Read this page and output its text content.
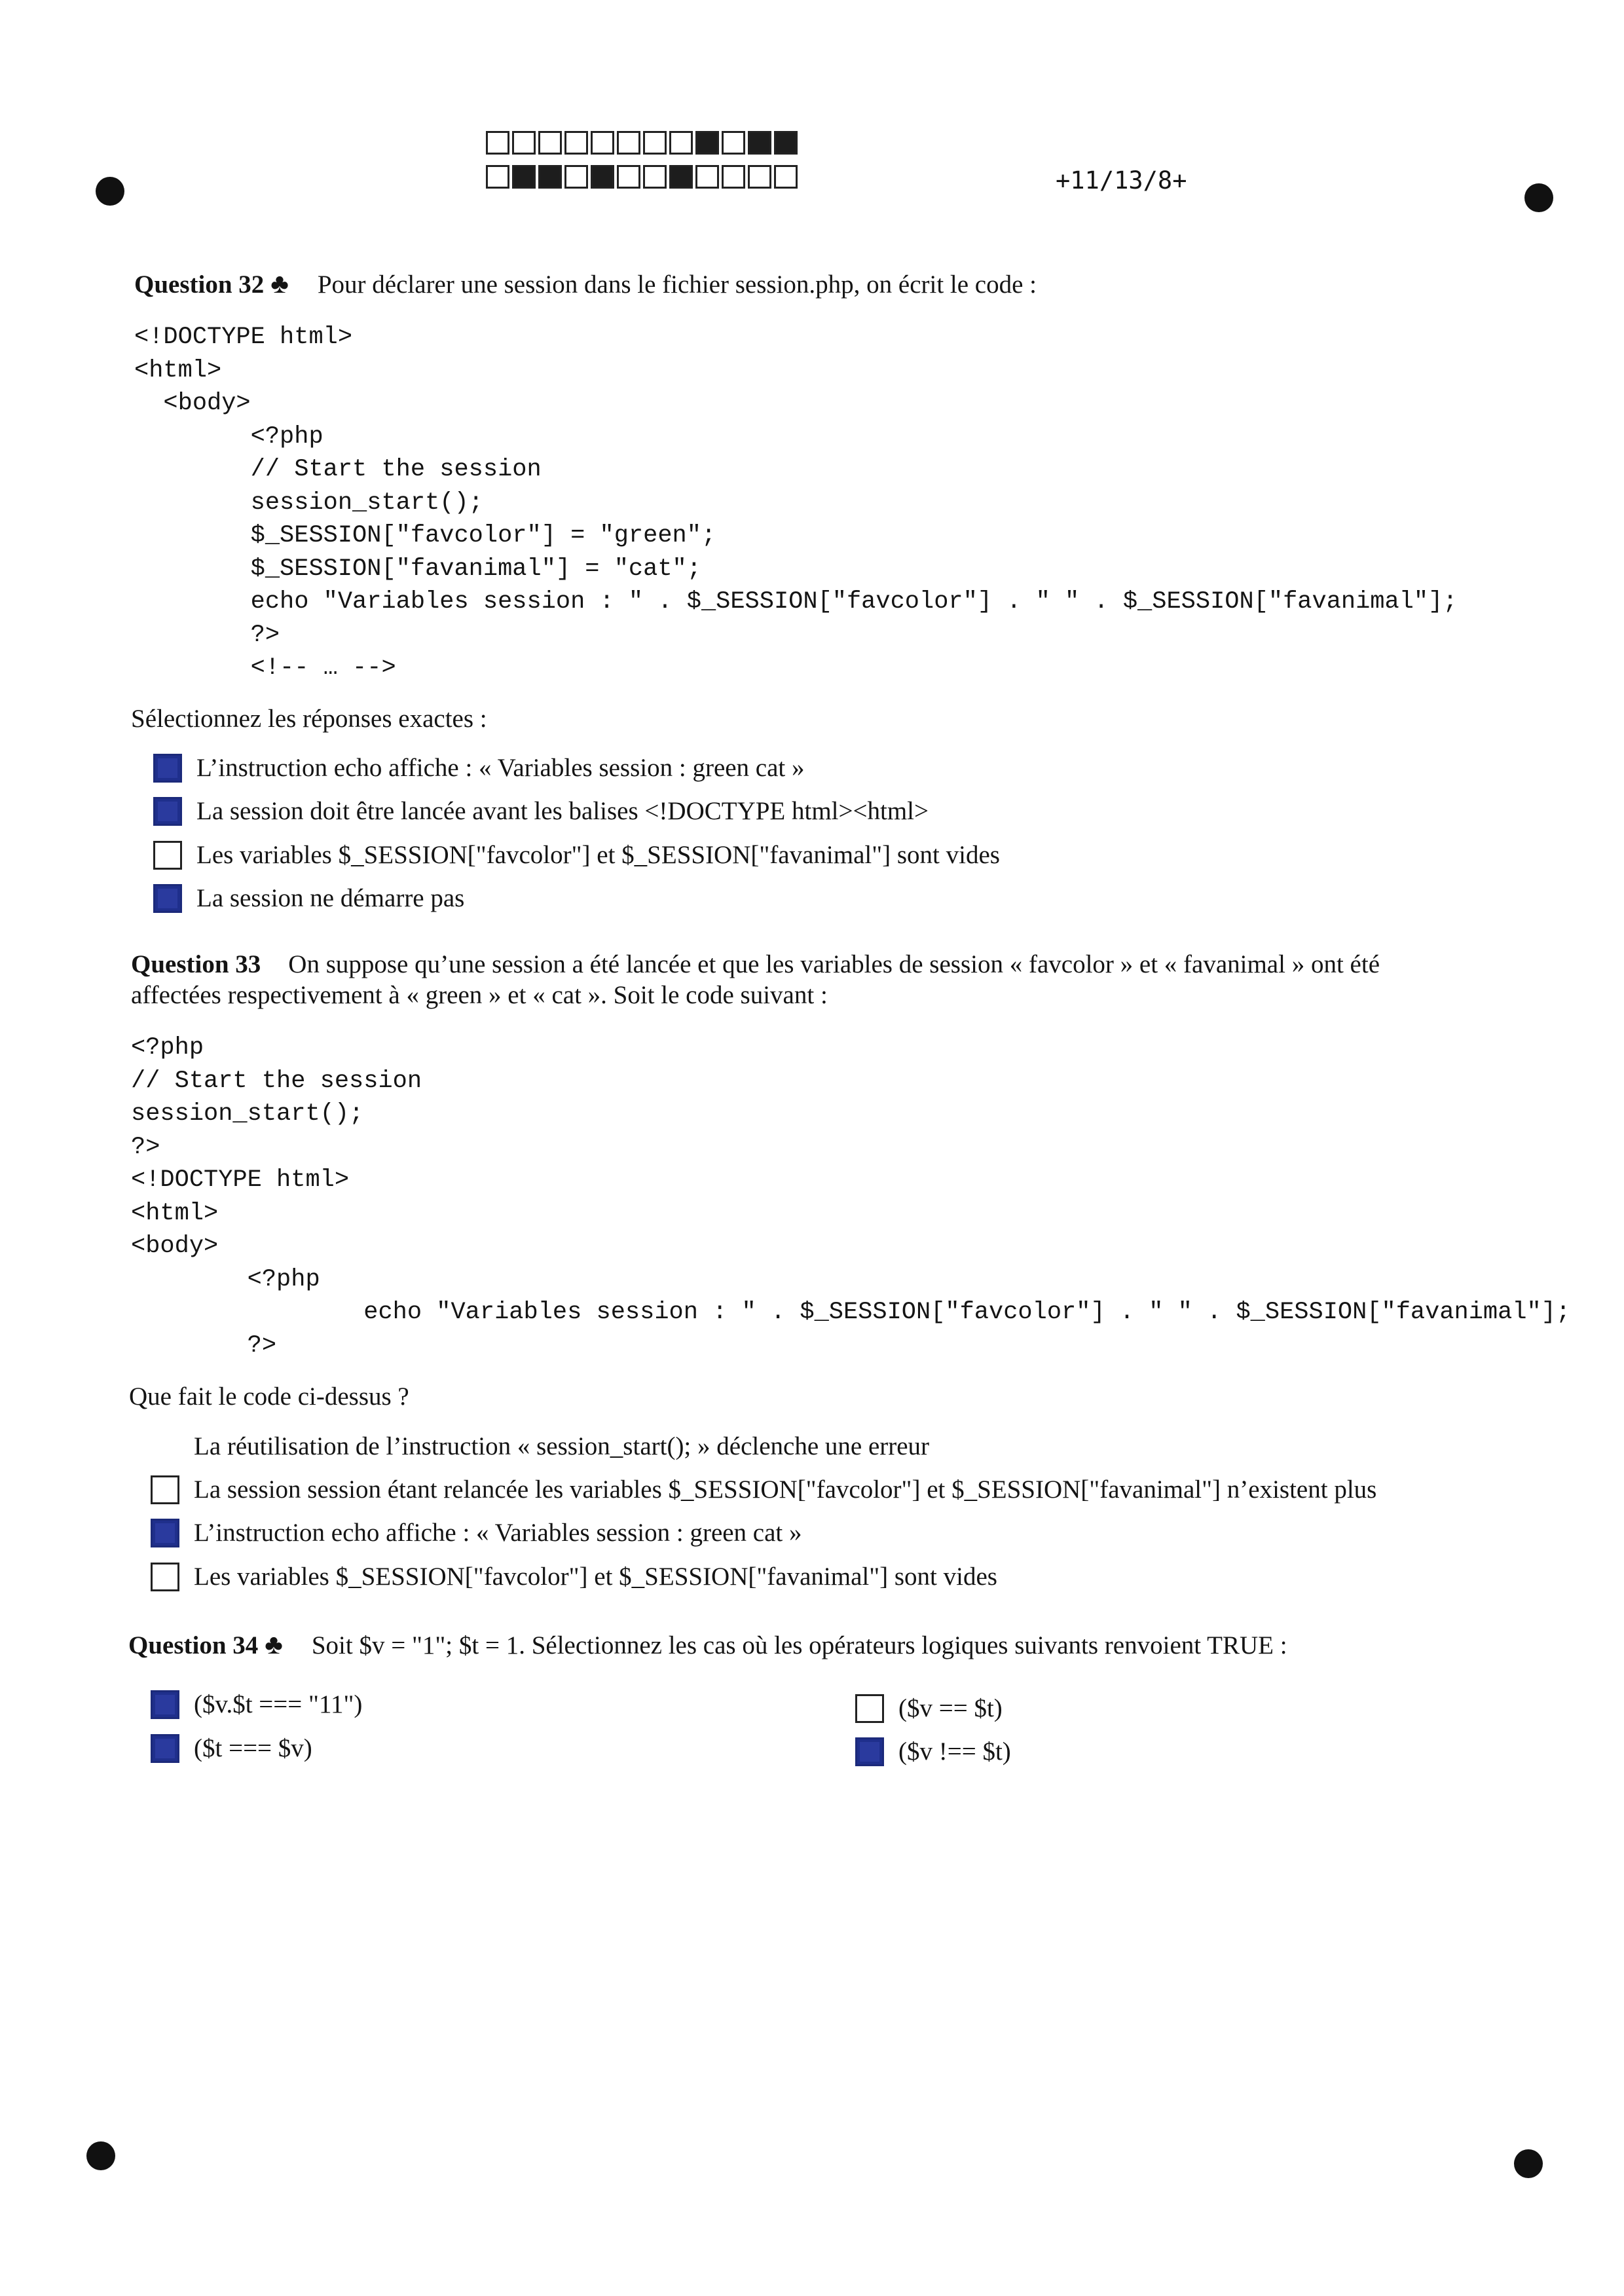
+11/13/8+
Question 32 ♣ Pour déclarer une session dans le fichier session.php, on écrit le code :
<!DOCTYPE html>
<html>
<body>
<?php
// Start the session
session_start();
$_SESSION["favcolor"] = "green";
$_SESSION["favanimal"] = "cat";
echo "Variables session : " . $_SESSION["favcolor"] . " " . $_SESSION["favanimal"];
?>
<!-- … -->
Sélectionnez les réponses exactes :
L’instruction echo affiche : « Variables session : green cat »
La session doit être lancée avant les balises <!DOCTYPE html><html>
Les variables $_SESSION["favcolor"] et $_SESSION["favanimal"] sont vides
La session ne démarre pas
Question 33 On suppose qu’une session a été lancée et que les variables de session « favcolor » et « favanimal » ont été
affectées respectivement à « green » et « cat ». Soit le code suivant :
<?php
// Start the session
session_start();
?>
<!DOCTYPE html>
<html>
<body>
<?php
echo "Variables session : " . $_SESSION["favcolor"] . " " . $_SESSION["favanimal"];
?>
Que fait le code ci-dessus ?
La réutilisation de l’instruction « session_start(); » déclenche une erreur
La session session étant relancée les variables $_SESSION["favcolor"] et $_SESSION["favanimal"] n’existent plus
L’instruction echo affiche : « Variables session : green cat »
Les variables $_SESSION["favcolor"] et $_SESSION["favanimal"] sont vides
Question 34 ♣ Soit $v = "1"; $t = 1. Sélectionnez les cas où les opérateurs logiques suivants renvoient TRUE :
($v.$t === "11")
($t === $v)
($v == $t)
($v !== $t)
